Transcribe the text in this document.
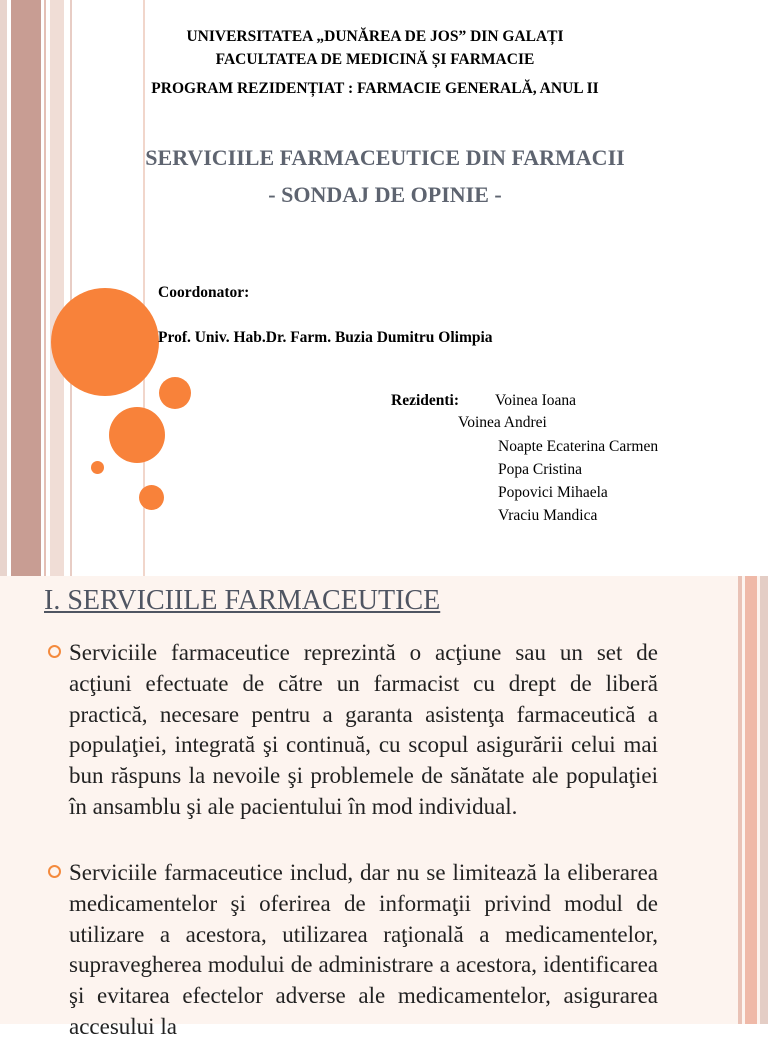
UNIVERSITATEA „DUNĂREA DE JOS” DIN GALAȚI
FACULTATEA DE MEDICINĂ ȘI FARMACIE
PROGRAM REZIDENȚIAT : FARMACIE GENERALĂ, ANUL II
SERVICIILE FARMACEUTICE DIN FARMACII
- SONDAJ DE OPINIE -
Coordonator:
Prof. Univ. Hab.Dr. Farm. Buzia Dumitru Olimpia
Rezidenti: Voinea Ioana
Voinea Andrei
Noapte Ecaterina Carmen
Popa Cristina
Popovici Mihaela
Vraciu Mandica
I. SERVICIILE FARMACEUTICE
Serviciile farmaceutice reprezintă o acţiune sau un set de acţiuni efectuate de către un farmacist cu drept de liberă practică, necesare pentru a garanta asistenţa farmaceutică a populaţiei, integrată şi continuă, cu scopul asigurării celui mai bun răspuns la nevoile şi problemele de sănătate ale populaţiei în ansamblu şi ale pacientului în mod individual.
Serviciile farmaceutice includ, dar nu se limitează la eliberarea medicamentelor şi oferirea de informaţii privind modul de utilizare a acestora, utilizarea raţională a medicamentelor, supravegherea modului de administrare a acestora, identificarea şi evitarea efectelor adverse ale medicamentelor, asigurarea accesului la
